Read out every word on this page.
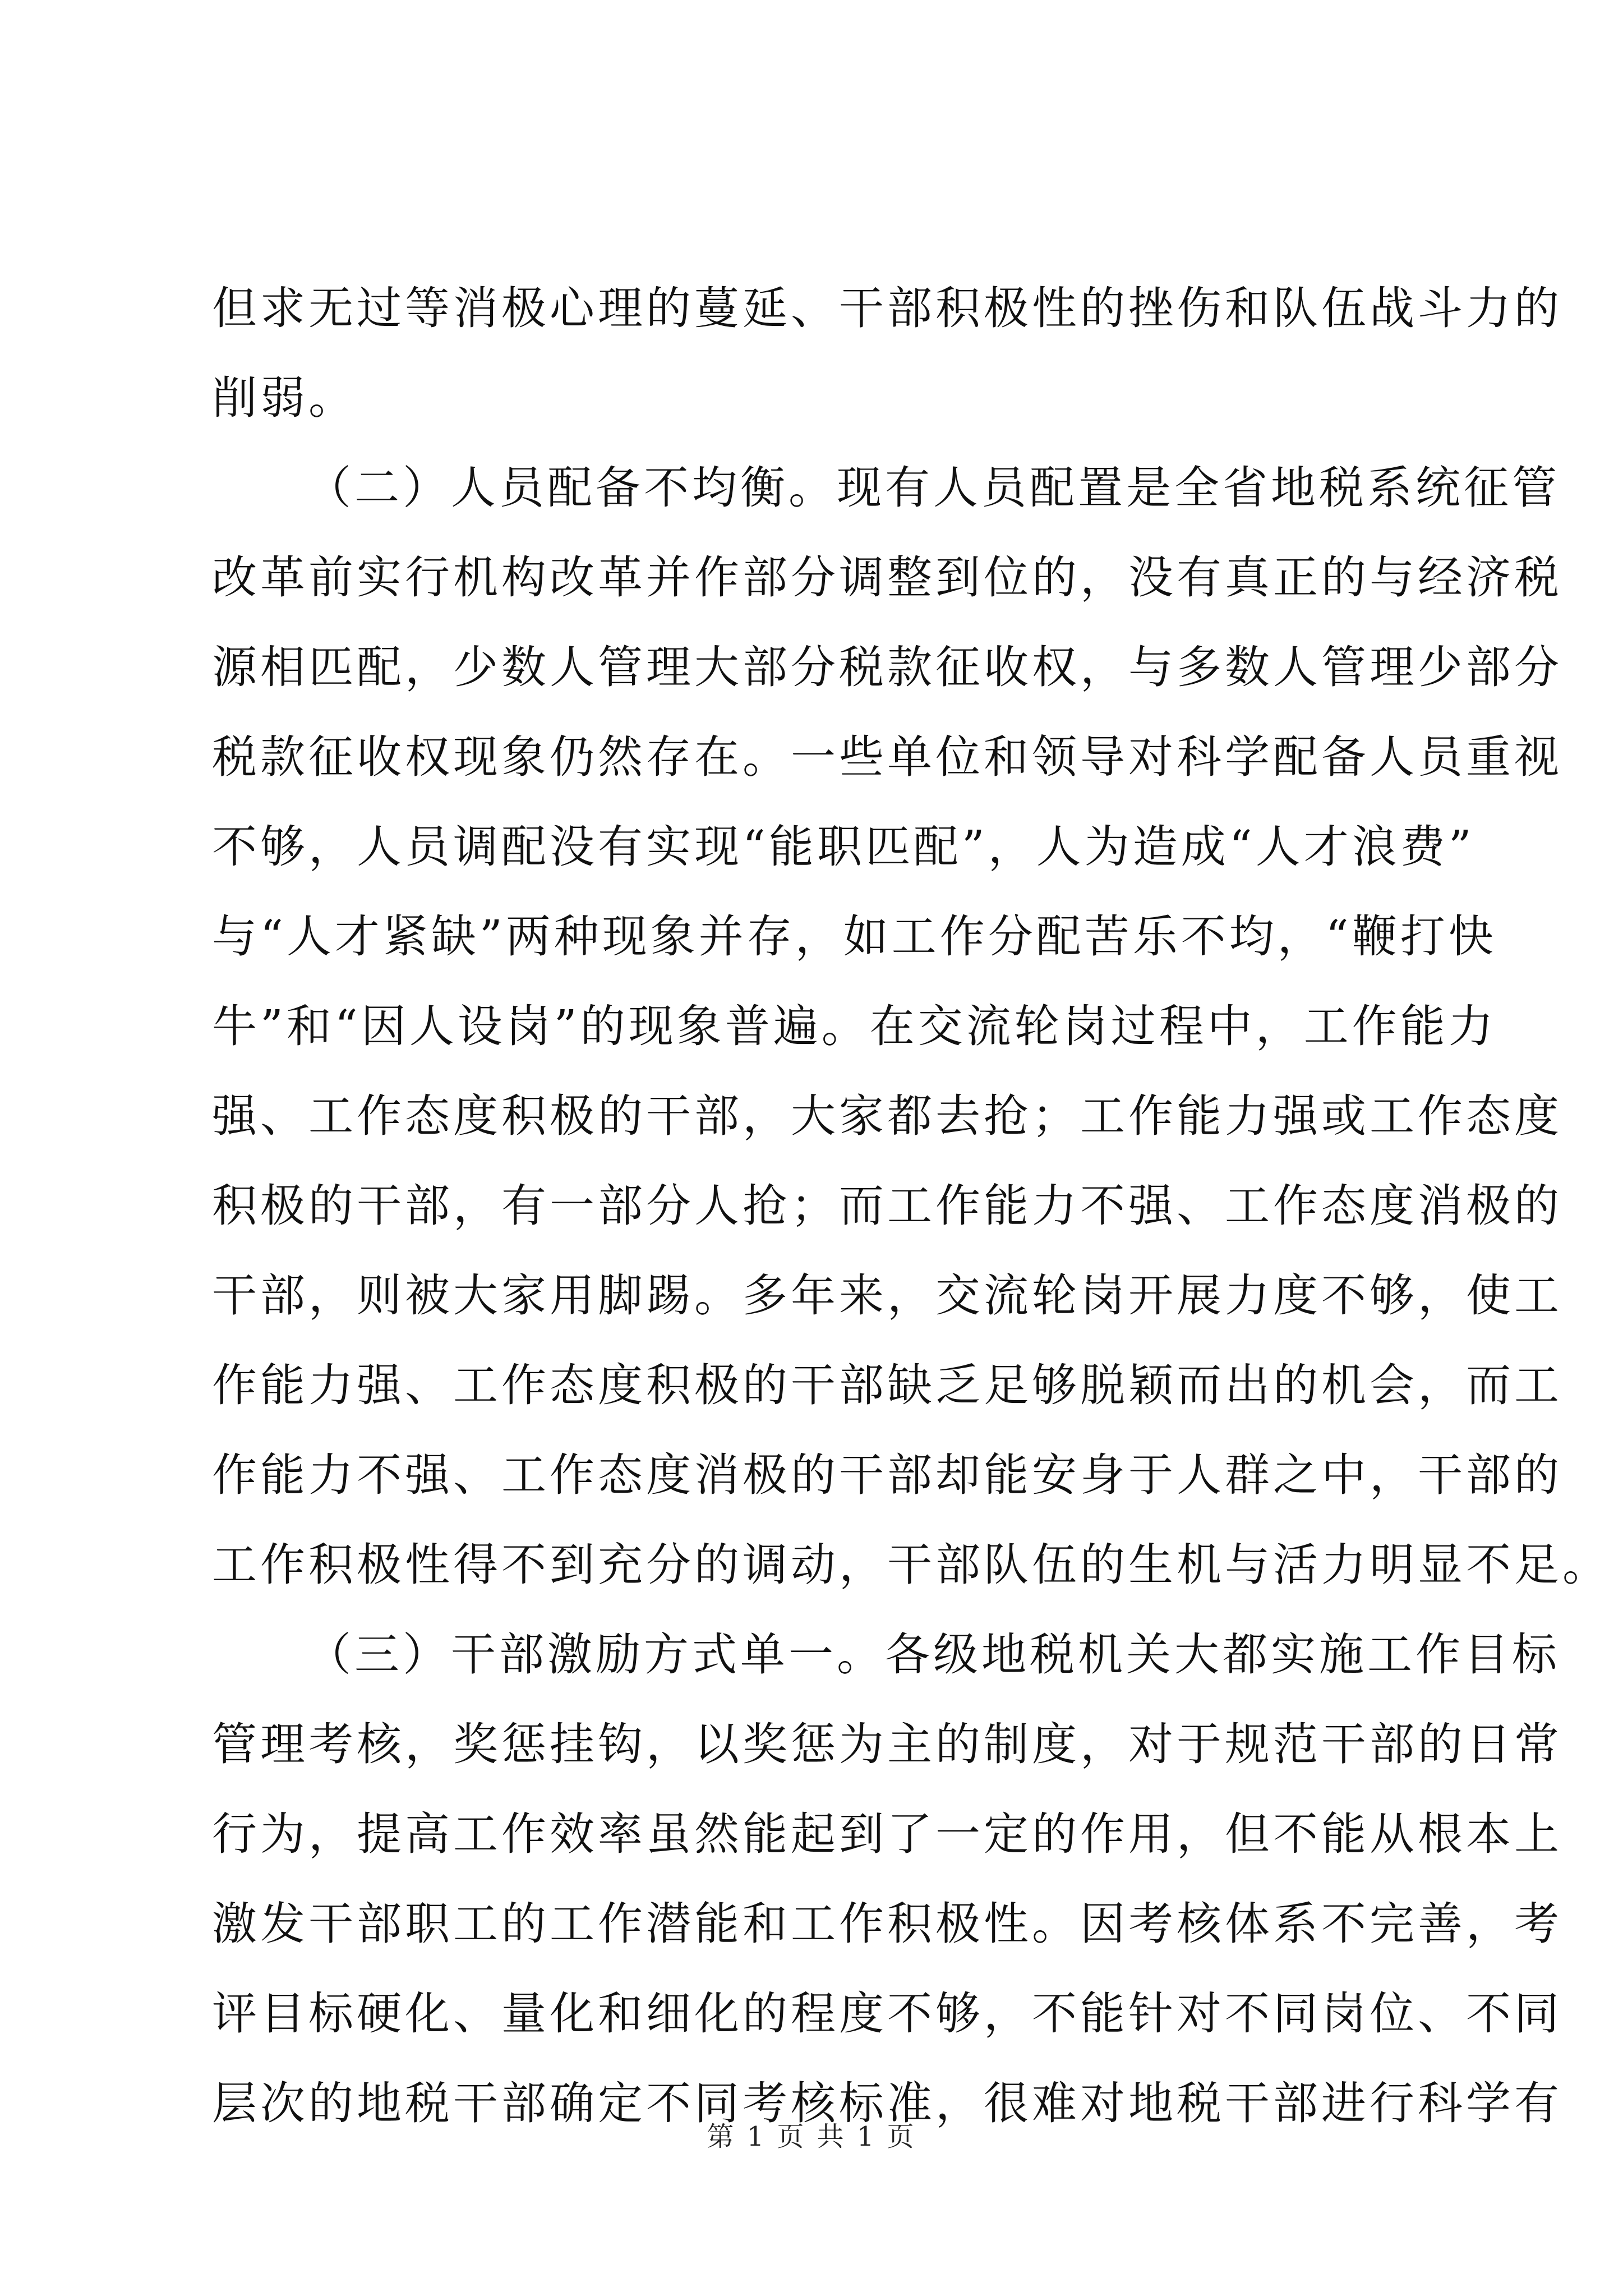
但求无过等消极心理的蔓延、干部积极性的挫伤和队伍战斗力的
削弱。
（二）人员配备不均衡。现有人员配置是全省地税系统征管
改革前实行机构改革并作部分调整到位的，没有真正的与经济税
源相匹配，少数人管理大部分税款征收权，与多数人管理少部分
税款征收权现象仍然存在。一些单位和领导对科学配备人员重视
不够，人员调配没有实现“能职匹配”，人为造成“人才浪费”
与“人才紧缺”两种现象并存，如工作分配苦乐不均，“鞭打快
牛”和“因人设岗”的现象普遍。在交流轮岗过程中，工作能力
强、工作态度积极的干部，大家都去抢；工作能力强或工作态度
积极的干部，有一部分人抢；而工作能力不强、工作态度消极的
干部，则被大家用脚踢。多年来，交流轮岗开展力度不够，使工
作能力强、工作态度积极的干部缺乏足够脱颖而出的机会，而工
作能力不强、工作态度消极的干部却能安身于人群之中，干部的
工作积极性得不到充分的调动，干部队伍的生机与活力明显不足。
（三）干部激励方式单一。各级地税机关大都实施工作目标
管理考核，奖惩挂钩，以奖惩为主的制度，对于规范干部的日常
行为，提高工作效率虽然能起到了一定的作用，但不能从根本上
激发干部职工的工作潜能和工作积极性。因考核体系不完善，考
评目标硬化、量化和细化的程度不够，不能针对不同岗位、不同
层次的地税干部确定不同考核标准，很难对地税干部进行科学有
第 1 页 共 1 页
